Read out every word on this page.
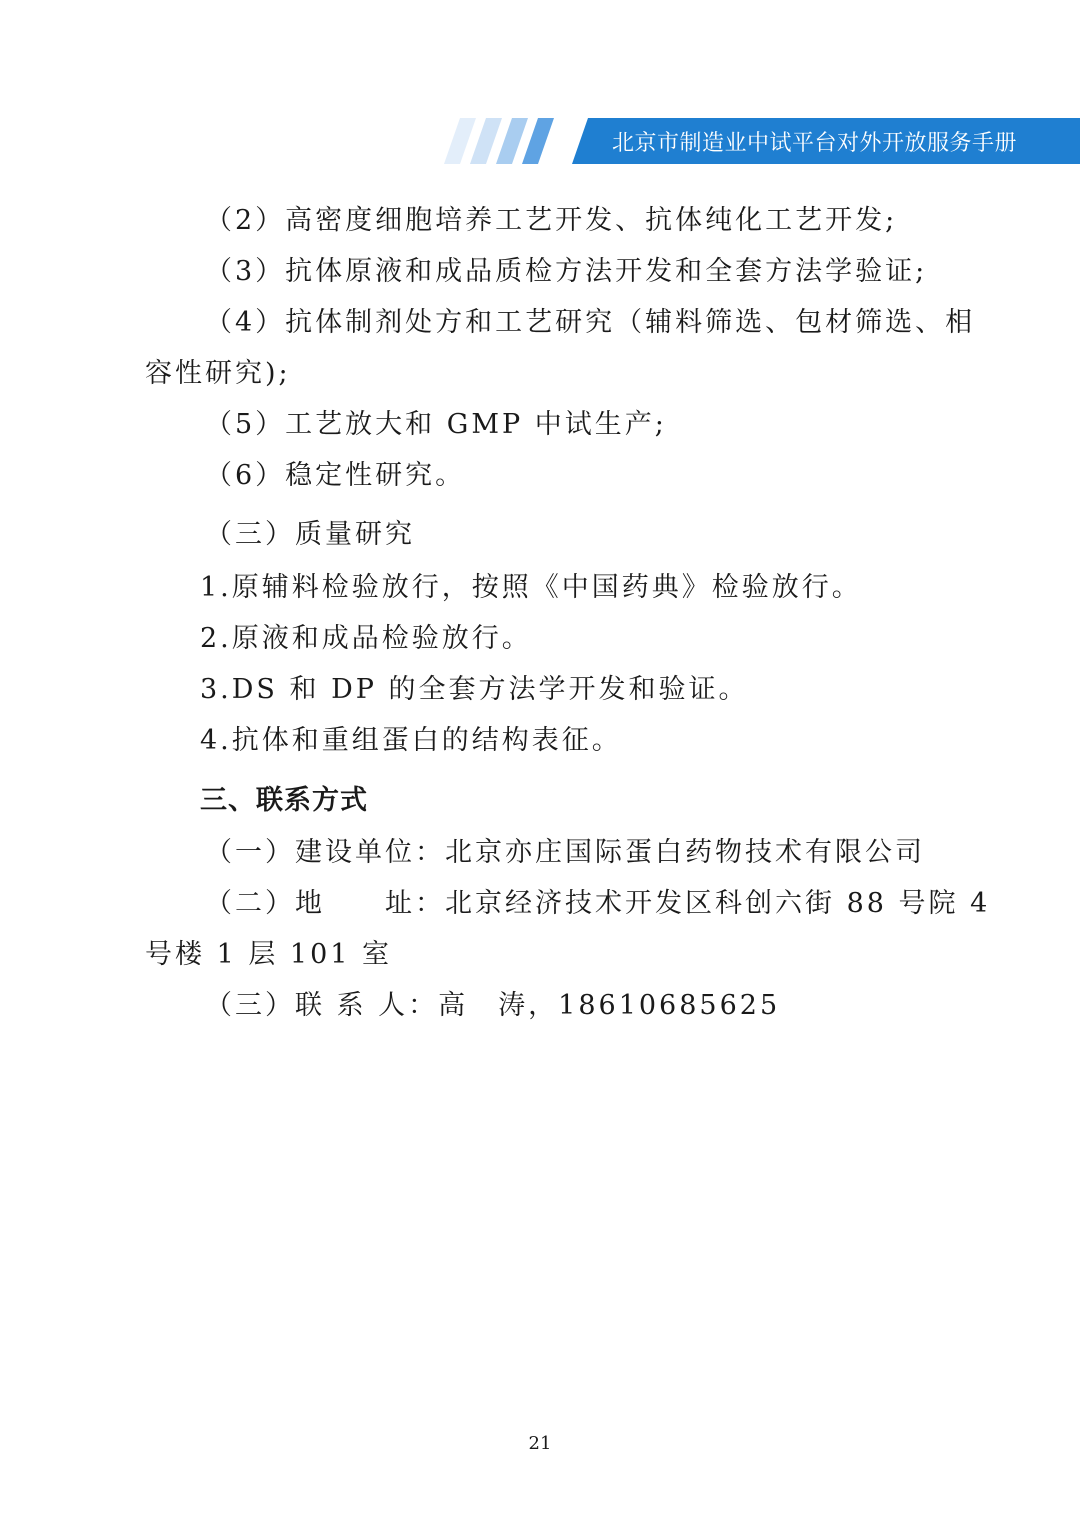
北京市制造业中试平台对外开放服务手册
（2）高密度细胞培养工艺开发、抗体纯化工艺开发;
（3）抗体原液和成品质检方法开发和全套方法学验证;
（4）抗体制剂处方和工艺研究（辅料筛选、包材筛选、相
容性研究);
（5）工艺放大和 GMP 中试生产;
（6）稳定性研究。
（三）质量研究
1.原辅料检验放行，按照《中国药典》检验放行。
2.原液和成品检验放行。
3.DS 和 DP 的全套方法学开发和验证。
4.抗体和重组蛋白的结构表征。
三、联系方式
（一）建设单位：北京亦庄国际蛋白药物技术有限公司
（二）地　　址：北京经济技术开发区科创六街 88 号院 4
号楼 1 层 101 室
（三）联 系 人：高　涛，18610685625
21
